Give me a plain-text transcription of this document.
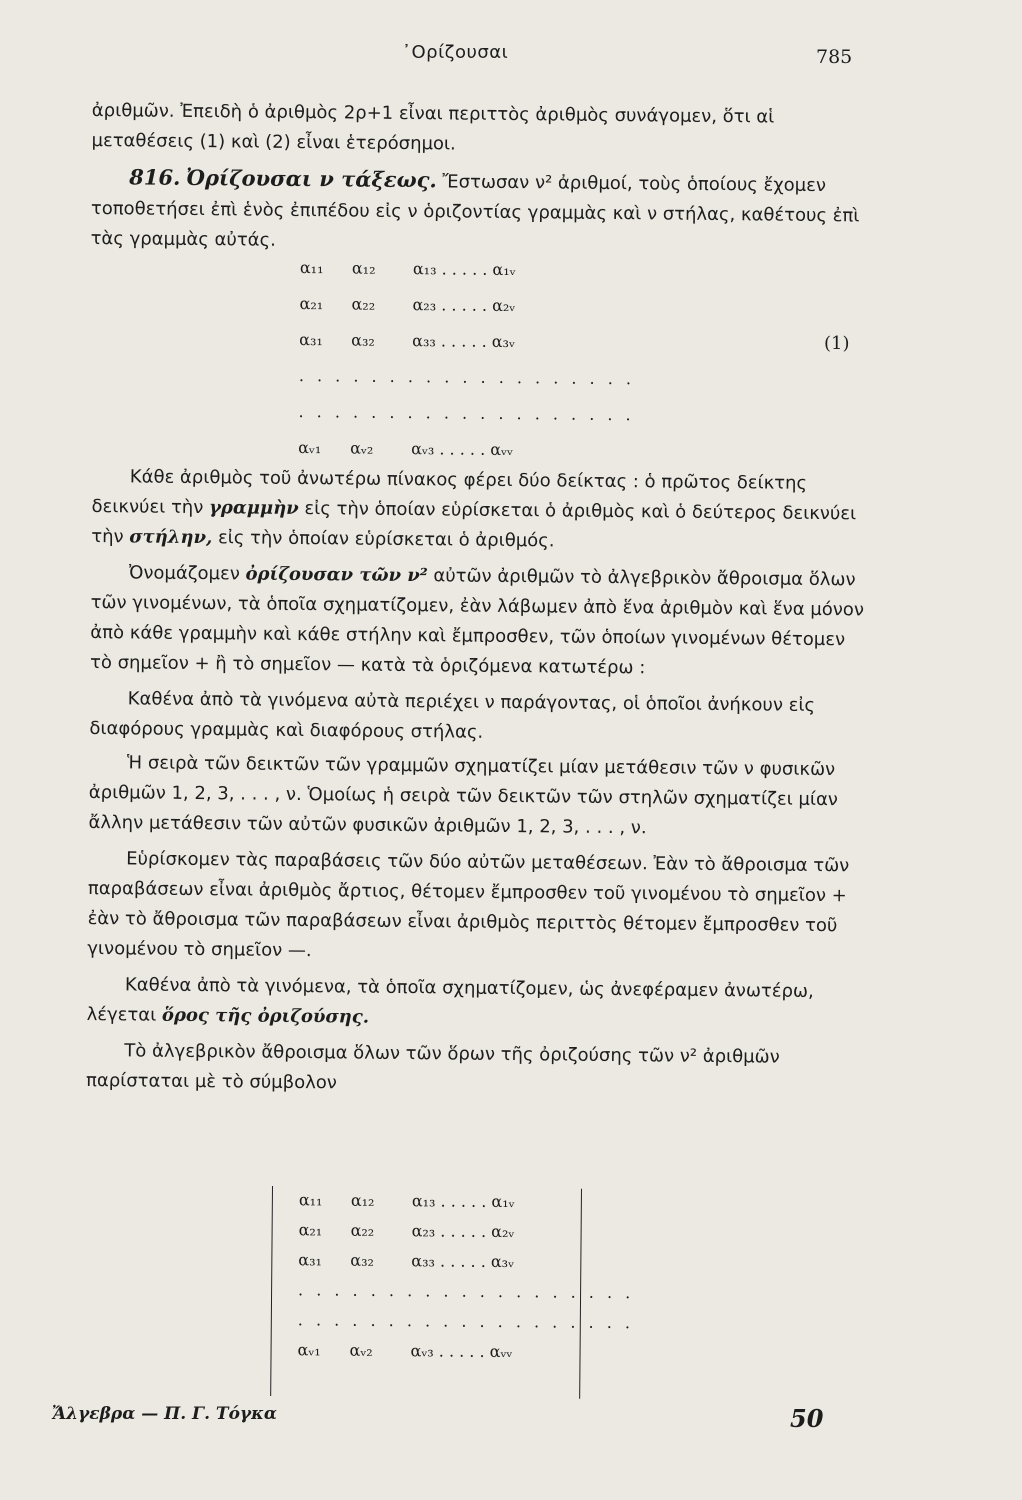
᾿Ορίζουσαι	785

ἀριθμῶν. Ἐπειδὴ ὁ ἀριθμὸς 2ρ+1 εἶναι περιττὸς ἀριθμὸς συνάγομεν, ὅτι αἱ μεταθέσεις (1) καὶ (2) εἶναι ἑτερόσημοι.

816. Ὀρίζουσαι ν τάξεως. Ἔστωσαν ν² ἀριθμοί, τοὺς ὁποίους ἔχομεν τοποθετήσει ἐπὶ ἑνὸς ἐπιπέδου εἰς ν ὁριζοντίας γραμμὰς καὶ ν στήλας, καθέτους ἐπὶ τὰς γραμμὰς αὐτάς.

α₁₁ α₁₂ α₁₃ . . . . . α₁ᵥ
α₂₁ α₂₂ α₂₃ . . . . . α₂ᵥ
α₃₁ α₃₂ α₃₃ . . . . . α₃ᵥ
. . . . . . . . . . . . . . . . . . .
. . . . . . . . . . . . . . . . . . .
αᵥ₁ αᵥ₂ αᵥ₃ . . . . . αᵥᵥ
(1)

Κάθε ἀριθμὸς τοῦ ἀνωτέρω πίνακος φέρει δύο δείκτας : ὁ πρῶτος δείκτης δεικνύει τὴν γραμμὴν εἰς τὴν ὁποίαν εὑρίσκεται ὁ ἀριθμὸς καὶ ὁ δεύτερος δεικνύει τὴν στήλην, εἰς τὴν ὁποίαν εὑρίσκεται ὁ ἀριθμός.

Ὀνομάζομεν ὀρίζουσαν τῶν ν² αὐτῶν ἀριθμῶν τὸ ἀλγεβρικὸν ἄθροισμα ὅλων τῶν γινομένων, τὰ ὁποῖα σχηματίζομεν, ἐὰν λάβωμεν ἀπὸ ἕνα ἀριθμὸν καὶ ἕνα μόνον ἀπὸ κάθε γραμμὴν καὶ κάθε στήλην καὶ ἔμπροσθεν, τῶν ὁποίων γινομένων θέτομεν τὸ σημεῖον + ἢ τὸ σημεῖον — κατὰ τὰ ὁριζόμενα κατωτέρω :

Καθένα ἀπὸ τὰ γινόμενα αὐτὰ περιέχει ν παράγοντας, οἱ ὁποῖοι ἀνήκουν εἰς διαφόρους γραμμὰς καὶ διαφόρους στήλας.

Ἡ σειρὰ τῶν δεικτῶν τῶν γραμμῶν σχηματίζει μίαν μετάθεσιν τῶν ν φυσικῶν ἀριθμῶν 1, 2, 3, . . . , ν. Ὁμοίως ἡ σειρὰ τῶν δεικτῶν τῶν στηλῶν σχηματίζει μίαν ἄλλην μετάθεσιν τῶν αὐτῶν φυσικῶν ἀριθμῶν 1, 2, 3, . . . , ν.

Εὑρίσκομεν τὰς παραβάσεις τῶν δύο αὐτῶν μεταθέσεων. Ἐὰν τὸ ἄθροισμα τῶν παραβάσεων εἶναι ἀριθμὸς ἄρτιος, θέτομεν ἔμπροσθεν τοῦ γινομένου τὸ σημεῖον + ἐὰν τὸ ἄθροισμα τῶν παραβάσεων εἶναι ἀριθμὸς περιττὸς θέτομεν ἔμπροσθεν τοῦ γινομένου τὸ σημεῖον —.

Καθένα ἀπὸ τὰ γινόμενα, τὰ ὁποῖα σχηματίζομεν, ὡς ἀνεφέραμεν ἀνωτέρω, λέγεται ὅρος τῆς ὀριζούσης.

Τὸ ἀλγεβρικὸν ἄθροισμα ὅλων τῶν ὅρων τῆς ὀριζούσης τῶν ν² ἀριθμῶν παρίσταται μὲ τὸ σύμβολον

α₁₁ α₁₂ α₁₃ . . . . . α₁ᵥ
α₂₁ α₂₂ α₂₃ . . . . . α₂ᵥ
α₃₁ α₃₂ α₃₃ . . . . . α₃ᵥ
. . . . . . . . . . . . . . . . . . .
. . . . . . . . . . . . . . . . . . .
αᵥ₁ αᵥ₂ αᵥ₃ . . . . . αᵥᵥ
Ἄλγεβρα — Π. Γ. Τόγκα	50
